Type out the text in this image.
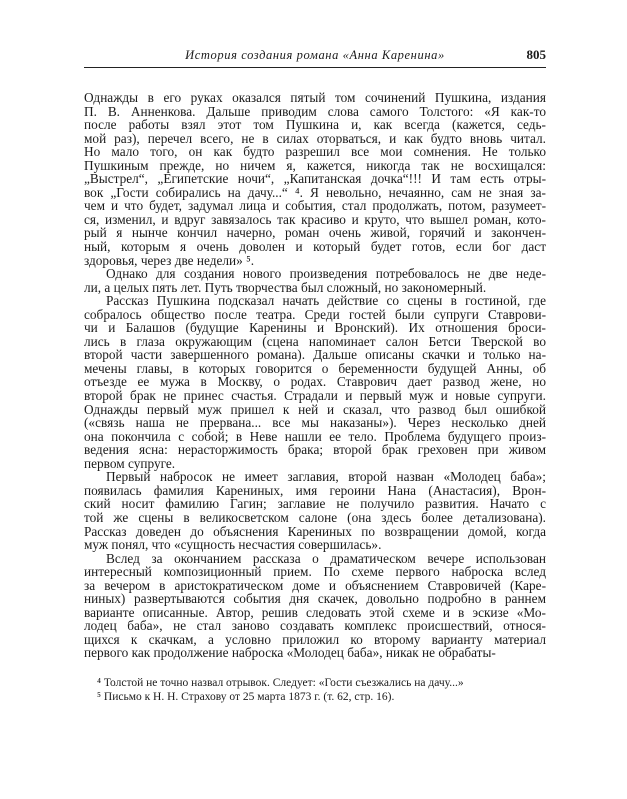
История создания романа «Анна Каренина»	805
Однажды в его руках оказался пятый том сочинений Пушкина, издания
П. В. Анненкова. Дальше приводим слова самого Толстого: «Я как-то
после работы взял этот том Пушкина и, как всегда (кажется, седь-
мой раз), перечел всего, не в силах оторваться, и как будто вновь читал.
Но мало того, он как будто разрешил все мои сомнения. Не только
Пушкиным прежде, но ничем я, кажется, никогда так не восхищался:
„Выстрел“, „Египетские ночи“, „Капитанская дочка“!!! И там есть отры-
вок „Гости собирались на дачу...“ ⁴. Я невольно, нечаянно, сам не зная за-
чем и что будет, задумал лица и события, стал продолжать, потом, разумеет-
ся, изменил, и вдруг завязалось так красиво и круто, что вышел роман, кото-
рый я нынче кончил начерно, роман очень живой, горячий и закончен-
ный, которым я очень доволен и который будет готов, если бог даст
здоровья, через две недели» ⁵.
Однако для создания нового произведения потребовалось не две неде-
ли, а целых пять лет. Путь творчества был сложный, но закономерный.
Рассказ Пушкина подсказал начать действие со сцены в гостиной, где
собралось общество после театра. Среди гостей были супруги Ставрови-
чи и Балашов (будущие Каренины и Вронский). Их отношения броси-
лись в глаза окружающим (сцена напоминает салон Бетси Тверской во
второй части завершенного романа). Дальше описаны скачки и только на-
мечены главы, в которых говорится о беременности будущей Анны, об
отъезде ее мужа в Москву, о родах. Ставрович дает развод жене, но
второй брак не принес счастья. Страдали и первый муж и новые супруги.
Однажды первый муж пришел к ней и сказал, что развод был ошибкой
(«связь наша не прервана... все мы наказаны»). Через несколько дней
она покончила с собой; в Неве нашли ее тело. Проблема будущего произ-
ведения ясна: нерасторжимость брака; второй брак греховен при живом
первом супруге.
Первый набросок не имеет заглавия, второй назван «Молодец баба»;
появилась фамилия Карениных, имя героини Нана (Анастасия), Врон-
ский носит фамилию Гагин; заглавие не получило развития. Начато с
той же сцены в великосветском салоне (она здесь более детализована).
Рассказ доведен до объяснения Карениных по возвращении домой, когда
муж понял, что «сущность несчастия совершилась».
Вслед за окончанием рассказа о драматическом вечере использован
интересный композиционный прием. По схеме первого наброска вслед
за вечером в аристократическом доме и объяснением Ставровичей (Каре-
ниных) развертываются события дня скачек, довольно подробно в раннем
варианте описанные. Автор, решив следовать этой схеме и в эскизе «Мо-
лодец баба», не стал заново создавать комплекс происшествий, относя-
щихся к скачкам, а условно приложил ко второму варианту материал
первого как продолжение наброска «Молодец баба», никак не обрабаты-
⁴ Толстой не точно назвал отрывок. Следует: «Гости съезжались на дачу...»
⁵ Письмо к Н. Н. Страхову от 25 марта 1873 г. (т. 62, стр. 16).
